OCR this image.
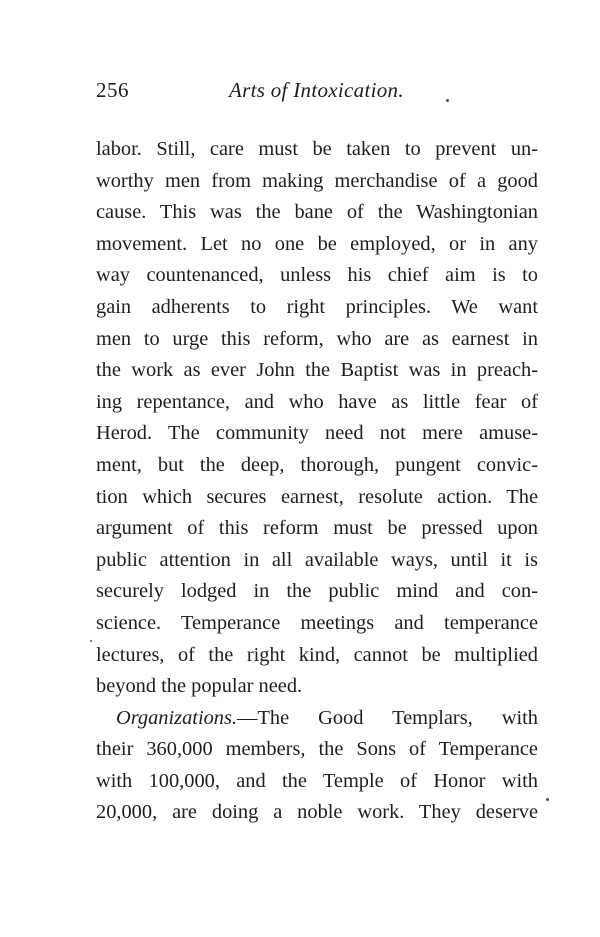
256	Arts of Intoxication.
labor. Still, care must be taken to prevent un-
worthy men from making merchandise of a good
cause. This was the bane of the Washingtonian
movement. Let no one be employed, or in any
way countenanced, unless his chief aim is to
gain adherents to right principles. We want
men to urge this reform, who are as earnest in
the work as ever John the Baptist was in preach-
ing repentance, and who have as little fear of
Herod. The community need not mere amuse-
ment, but the deep, thorough, pungent convic-
tion which secures earnest, resolute action. The
argument of this reform must be pressed upon
public attention in all available ways, until it is
securely lodged in the public mind and con-
science. Temperance meetings and temperance
lectures, of the right kind, cannot be multiplied
beyond the popular need.
Organizations.—The Good Templars, with
their 360,000 members, the Sons of Temperance
with 100,000, and the Temple of Honor with
20,000, are doing a noble work. They deserve
